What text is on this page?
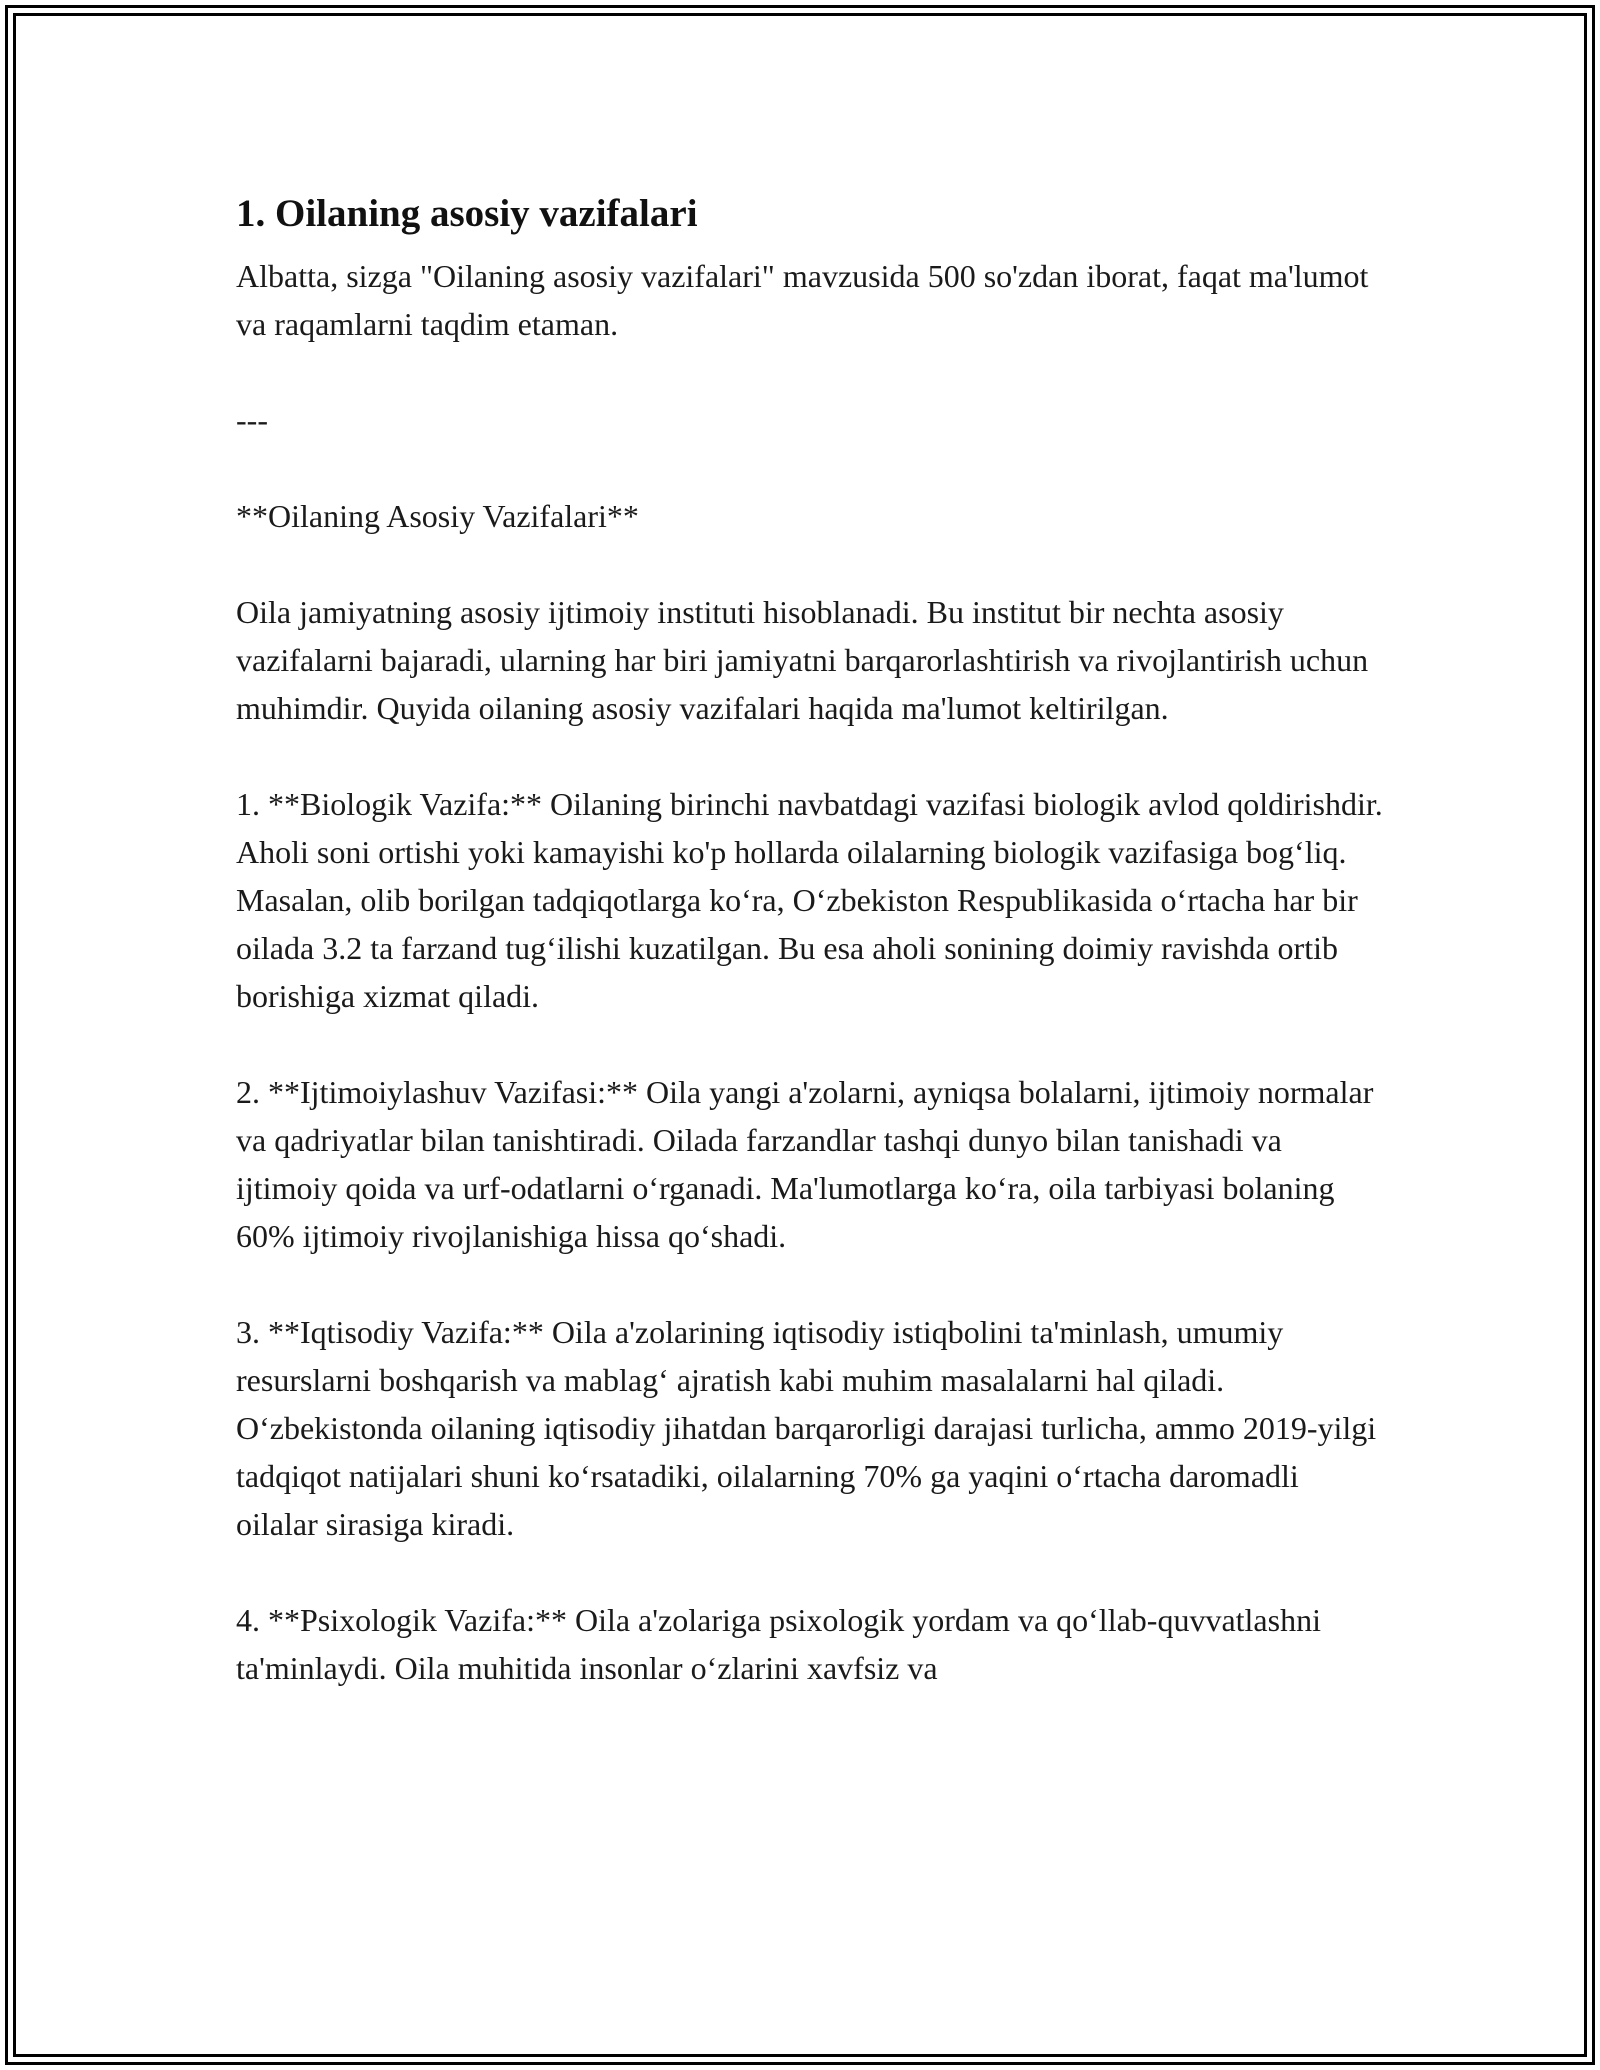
1. Oilaning asosiy vazifalari

Albatta, sizga "Oilaning asosiy vazifalari" mavzusida 500 so'zdan iborat, faqat ma'lumot va raqamlarni taqdim etaman.

---

**Oilaning Asosiy Vazifalari**

Oila jamiyatning asosiy ijtimoiy instituti hisoblanadi. Bu institut bir nechta asosiy vazifalarni bajaradi, ularning har biri jamiyatni barqarorlashtirish va rivojlantirish uchun muhimdir. Quyida oilaning asosiy vazifalari haqida ma'lumot keltirilgan.

1. **Biologik Vazifa:** Oilaning birinchi navbatdagi vazifasi biologik avlod qoldirishdir. Aholi soni ortishi yoki kamayishi ko'p hollarda oilalarning biologik vazifasiga bog‘liq. Masalan, olib borilgan tadqiqotlarga ko‘ra, O‘zbekiston Respublikasida o‘rtacha har bir oilada 3.2 ta farzand tug‘ilishi kuzatilgan. Bu esa aholi sonining doimiy ravishda ortib borishiga xizmat qiladi.

2. **Ijtimoiylashuv Vazifasi:** Oila yangi a'zolarni, ayniqsa bolalarni, ijtimoiy normalar va qadriyatlar bilan tanishtiradi. Oilada farzandlar tashqi dunyo bilan tanishadi va ijtimoiy qoida va urf-odatlarni o‘rganadi. Ma'lumotlarga ko‘ra, oila tarbiyasi bolaning 60% ijtimoiy rivojlanishiga hissa qo‘shadi.

3. **Iqtisodiy Vazifa:** Oila a'zolarining iqtisodiy istiqbolini ta'minlash, umumiy resurslarni boshqarish va mablag‘ ajratish kabi muhim masalalarni hal qiladi. O‘zbekistonda oilaning iqtisodiy jihatdan barqarorligi darajasi turlicha, ammo 2019-yilgi tadqiqot natijalari shuni ko‘rsatadiki, oilalarning 70% ga yaqini o‘rtacha daromadli oilalar sirasiga kiradi.

4. **Psixologik Vazifa:** Oila a'zolariga psixologik yordam va qo‘llab-quvvatlashni ta'minlaydi. Oila muhitida insonlar o‘zlarini xavfsiz va
